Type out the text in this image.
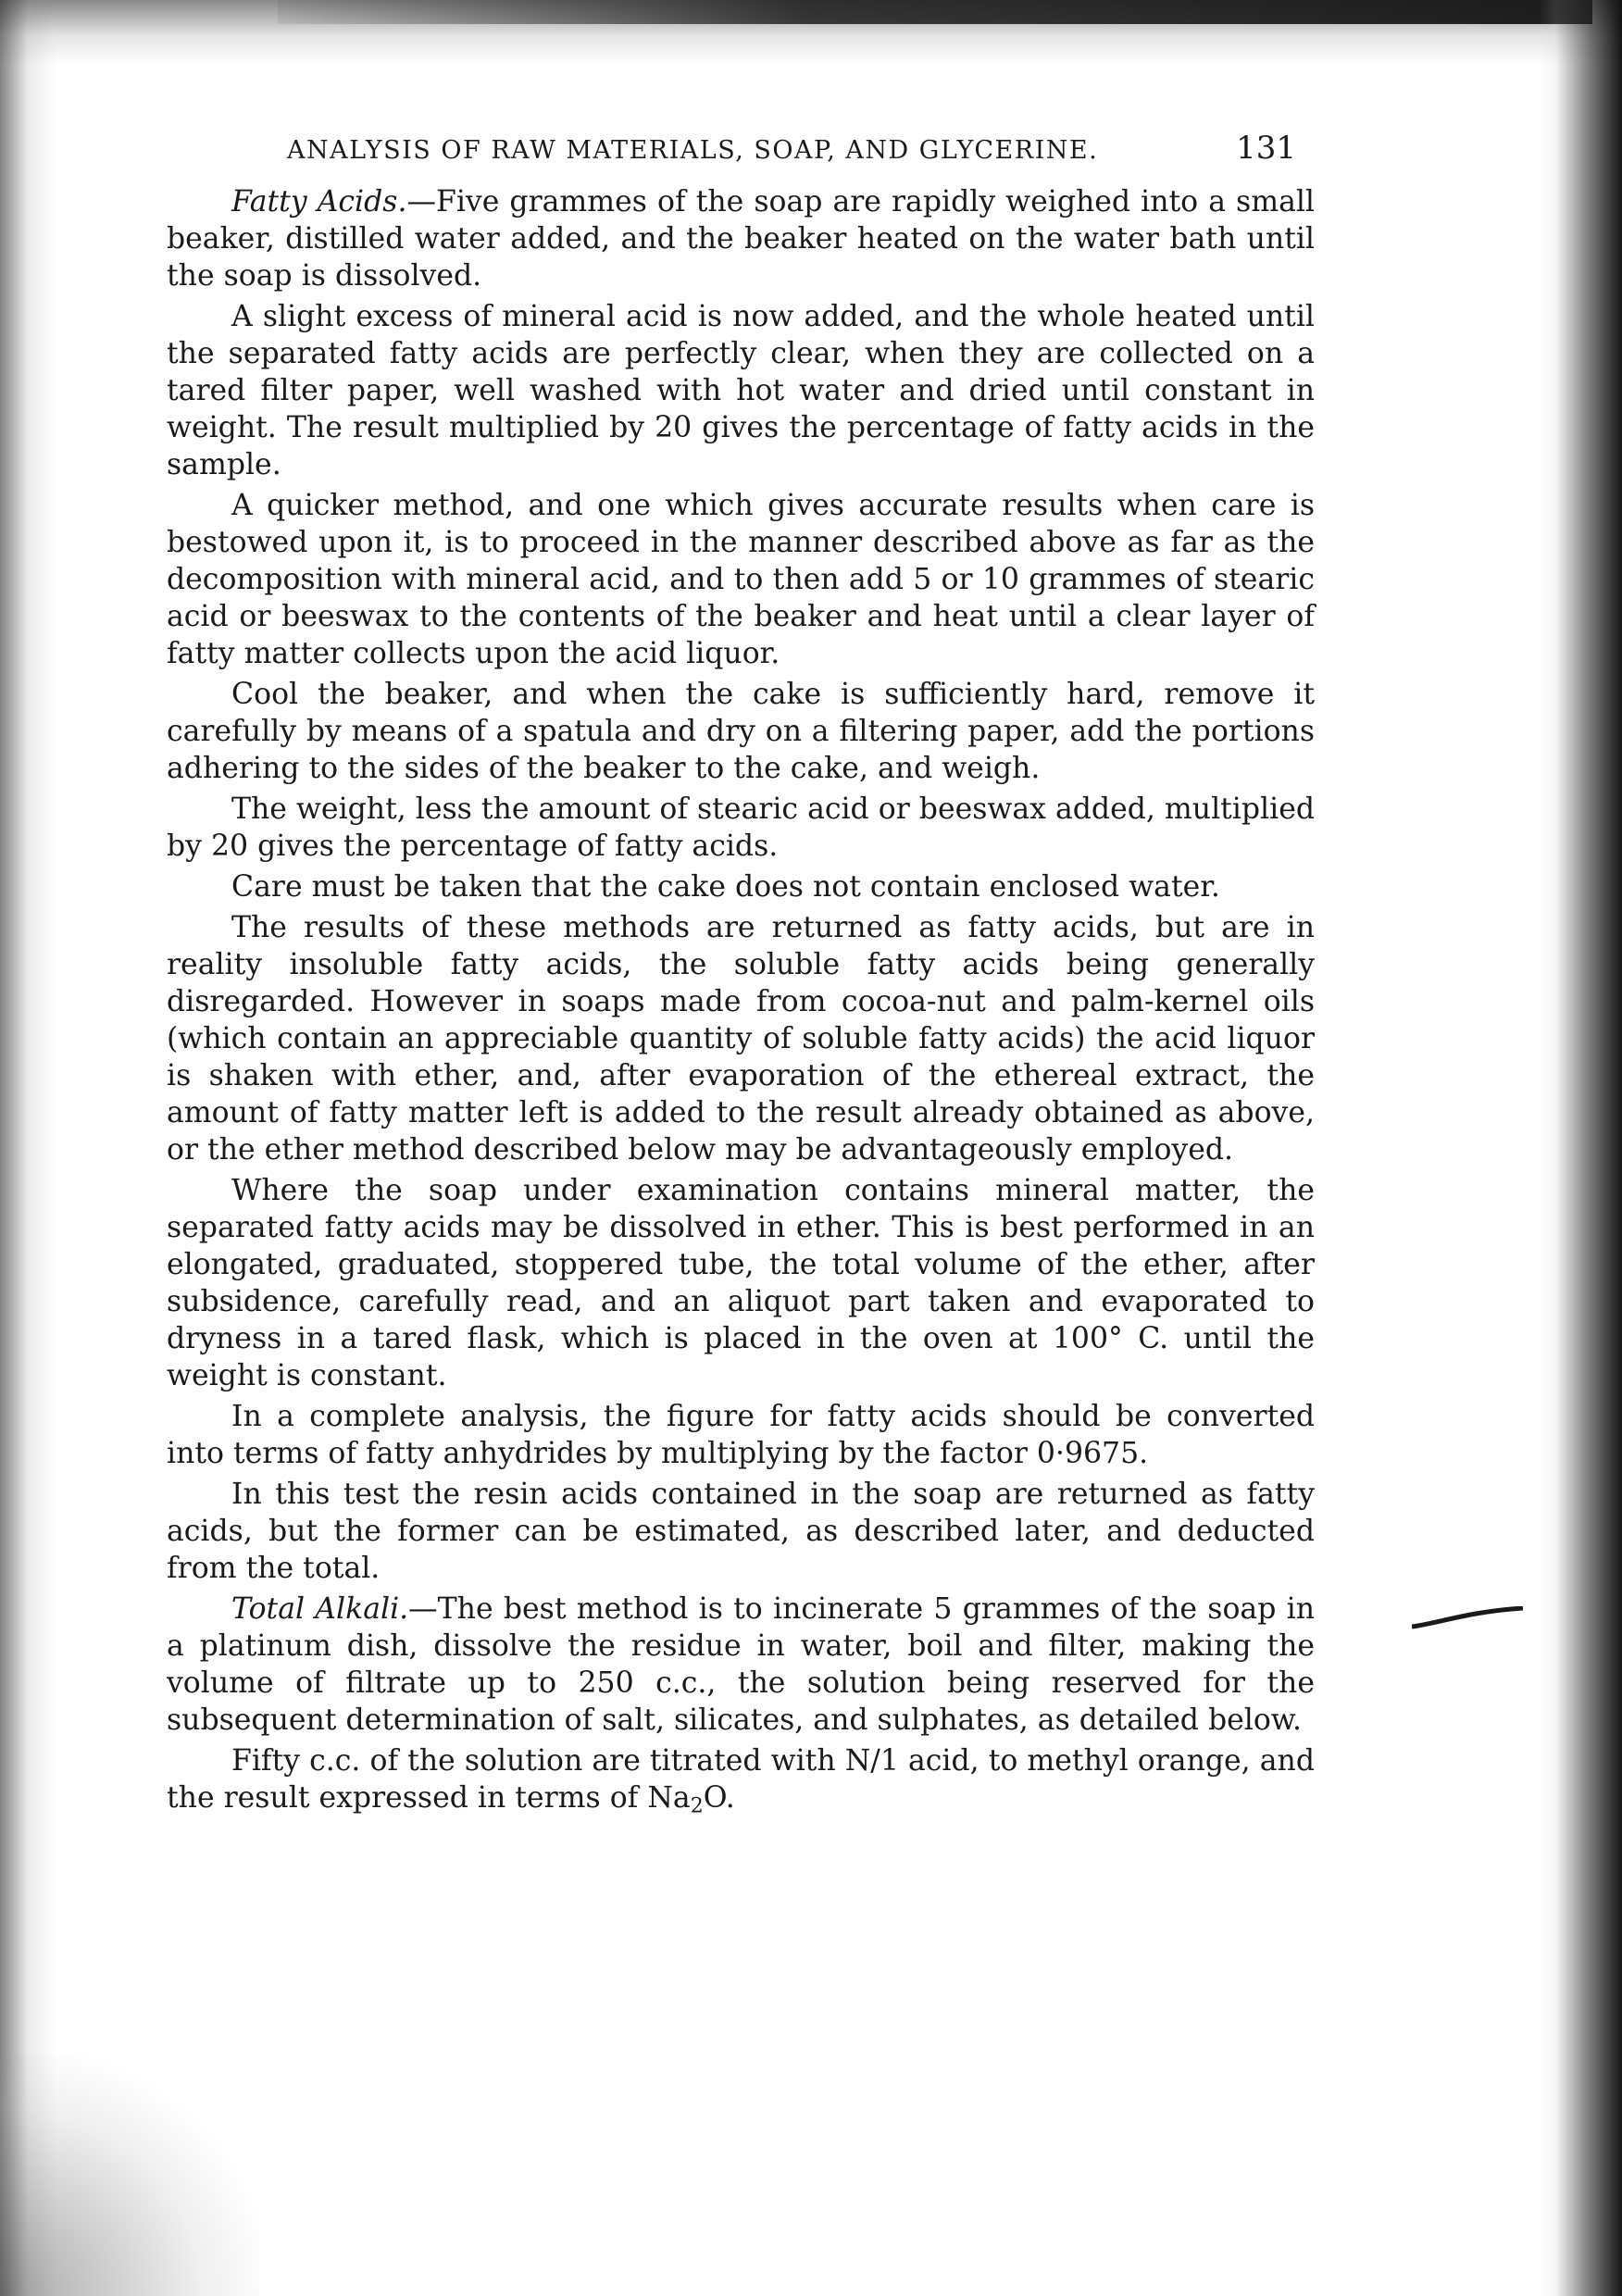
ANALYSIS OF RAW MATERIALS, SOAP, AND GLYCERINE.	131

Fatty Acids.—Five grammes of the soap are rapidly weighed into a small beaker, distilled water added, and the beaker heated on the water bath until the soap is dissolved.

A slight excess of mineral acid is now added, and the whole heated until the separated fatty acids are perfectly clear, when they are collected on a tared filter paper, well washed with hot water and dried until constant in weight. The result multiplied by 20 gives the percentage of fatty acids in the sample.

A quicker method, and one which gives accurate results when care is bestowed upon it, is to proceed in the manner described above as far as the decomposition with mineral acid, and to then add 5 or 10 grammes of stearic acid or beeswax to the contents of the beaker and heat until a clear layer of fatty matter collects upon the acid liquor.

Cool the beaker, and when the cake is sufficiently hard, remove it carefully by means of a spatula and dry on a filtering paper, add the portions adhering to the sides of the beaker to the cake, and weigh.

The weight, less the amount of stearic acid or beeswax added, multiplied by 20 gives the percentage of fatty acids.

Care must be taken that the cake does not contain enclosed water.

The results of these methods are returned as fatty acids, but are in reality insoluble fatty acids, the soluble fatty acids being generally disregarded. However in soaps made from cocoa-nut and palm-kernel oils (which contain an appreciable quantity of soluble fatty acids) the acid liquor is shaken with ether, and, after evaporation of the ethereal extract, the amount of fatty matter left is added to the result already obtained as above, or the ether method described below may be advantageously employed.

Where the soap under examination contains mineral matter, the separated fatty acids may be dissolved in ether. This is best performed in an elongated, graduated, stoppered tube, the total volume of the ether, after subsidence, carefully read, and an aliquot part taken and evaporated to dryness in a tared flask, which is placed in the oven at 100° C. until the weight is constant.

In a complete analysis, the figure for fatty acids should be converted into terms of fatty anhydrides by multiplying by the factor 0·9675.

In this test the resin acids contained in the soap are returned as fatty acids, but the former can be estimated, as described later, and deducted from the total.

Total Alkali.—The best method is to incinerate 5 grammes of the soap in a platinum dish, dissolve the residue in water, boil and filter, making the volume of filtrate up to 250 c.c., the solution being reserved for the subsequent determination of salt, silicates, and sulphates, as detailed below.

Fifty c.c. of the solution are titrated with N/1 acid, to methyl orange, and the result expressed in terms of $Na_2O$.
